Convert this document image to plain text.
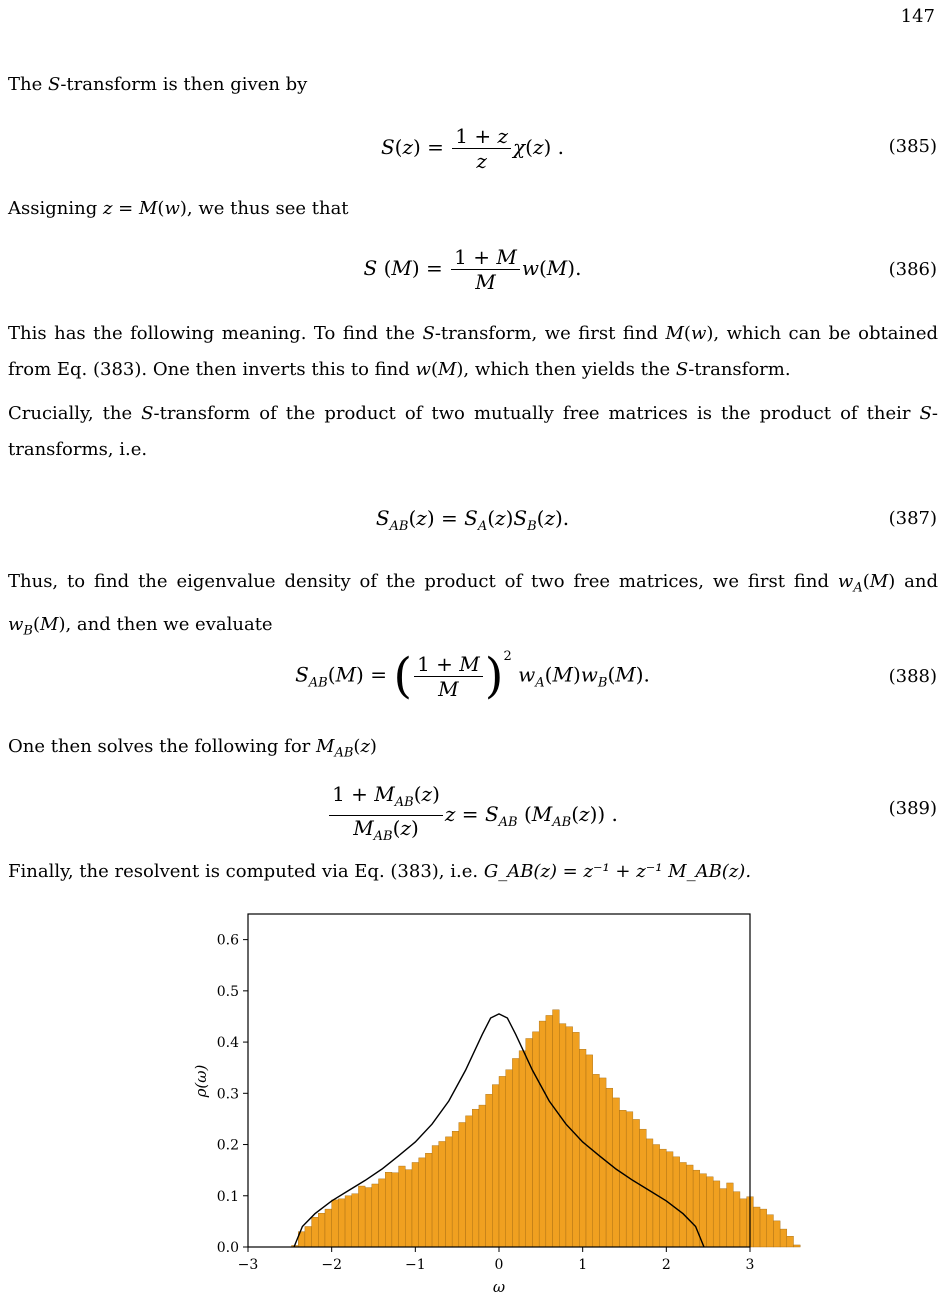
147
The S-transform is then given by
$S(z) = \frac{1 + z}{z} \chi(z)$ .	(385)
Assigning z = M(w), we thus see that
S $(M) = \frac{1 + M}{M} w(M)$.	(386)
This has the following meaning. To find the S-transform, we first find M(w), which can be obtained from Eq. (383). One then inverts this to find w(M), which then yields the S-transform.
Crucially, the S-transform of the product of two mutually free matrices is the product of their S-transforms, i.e.
$S_{AB}(z) = S_A(z)S_B(z)$.	(387)
Thus, to find the eigenvalue density of the product of two free matrices, we first find $w_A(M)$ and $w_B(M)$, and then we evaluate
$S_{AB}(M)$ = ( $\frac{1 + M}{M} )^2$ $w_A(M)w_B(M)$.	(388)
One then solves the following for $M_{AB}(z)$
$\frac{1 + M_{AB}(z)}{M_{AB}(z)}$ $z = S_{AB}$ $(M_{AB}(z))$ .	(389)
Finally, the resolvent is computed via Eq. (383), i.e. G_AB(z) = z⁻¹ + z⁻¹ M_AB(z).
−3	−2	−1	0	1	2	3
0.0
0.1
0.2
0.3
0.4
0.5
0.6
ω
ρ(ω)
